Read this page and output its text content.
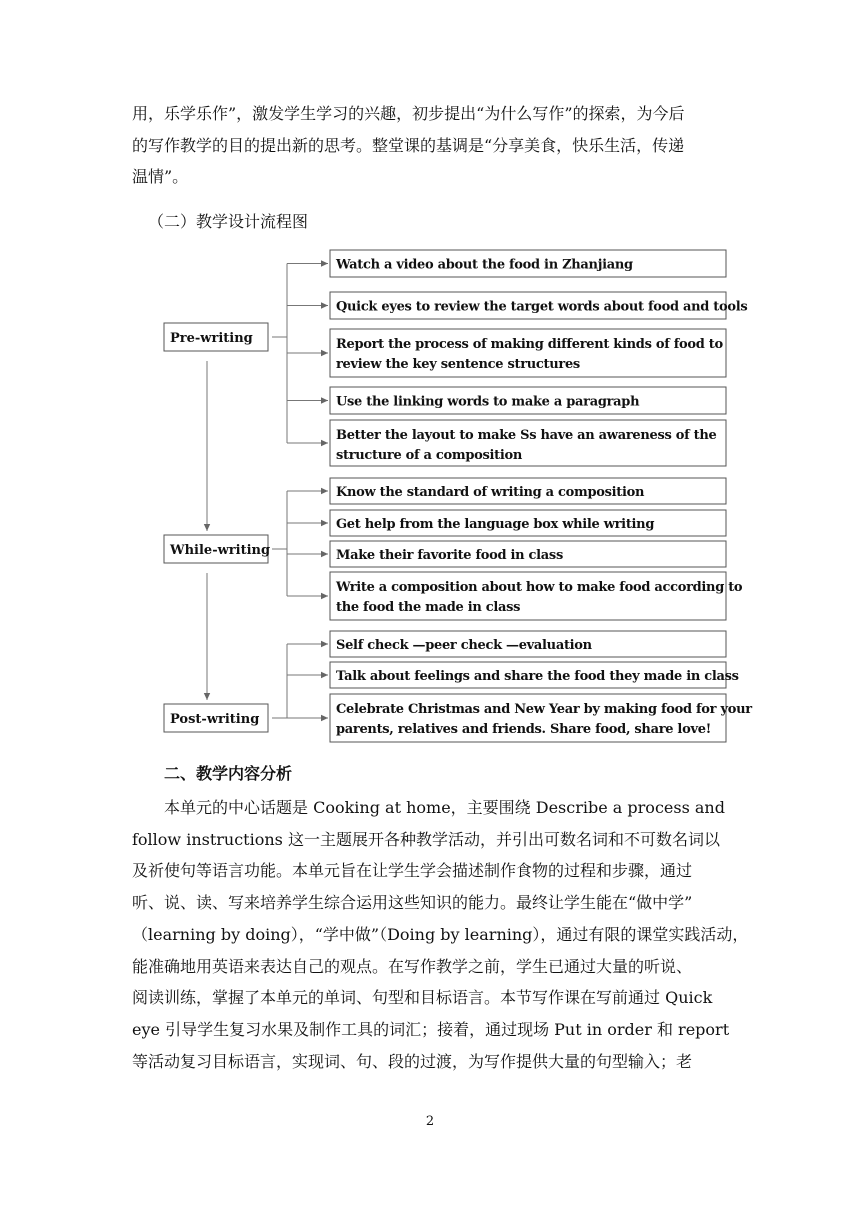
用，乐学乐作”，激发学生学习的兴趣，初步提出“为什么写作”的探索，为今后
的写作教学的目的提出新的思考。整堂课的基调是“分享美食，快乐生活，传递
温情”。
（二）教学设计流程图
Pre-writing
Watch a video about the food in Zhanjiang
Quick eyes to review the target words about food and tools
Report the process of making different kinds of food to
review the key sentence structures
Use the linking words to make a paragraph
Better the layout to make Ss have an awareness of the
structure of a composition
While-writing
Know the standard of writing a composition
Get help from the language box while writing
Make their favorite food in class
Write a composition about how to make food according to
the food the made in class
Post-writing
Self check —peer check —evaluation
Talk about feelings and share the food they made in class
Celebrate Christmas and New Year by making food for your
parents, relatives and friends. Share food, share love!
二、教学内容分析
本单元的中心话题是 Cooking at home，主要围绕 Describe a process and
follow instructions 这一主题展开各种教学活动，并引出可数名词和不可数名词以
及祈使句等语言功能。本单元旨在让学生学会描述制作食物的过程和步骤，通过
听、说、读、写来培养学生综合运用这些知识的能力。最终让学生能在“做中学”
（learning by doing），“学中做”（Doing by learning），通过有限的课堂实践活动，
能准确地用英语来表达自己的观点。在写作教学之前，学生已通过大量的听说、
阅读训练，掌握了本单元的单词、句型和目标语言。本节写作课在写前通过 Quick
eye 引导学生复习水果及制作工具的词汇；接着，通过现场 Put in order 和 report
等活动复习目标语言，实现词、句、段的过渡，为写作提供大量的句型输入；老
2
